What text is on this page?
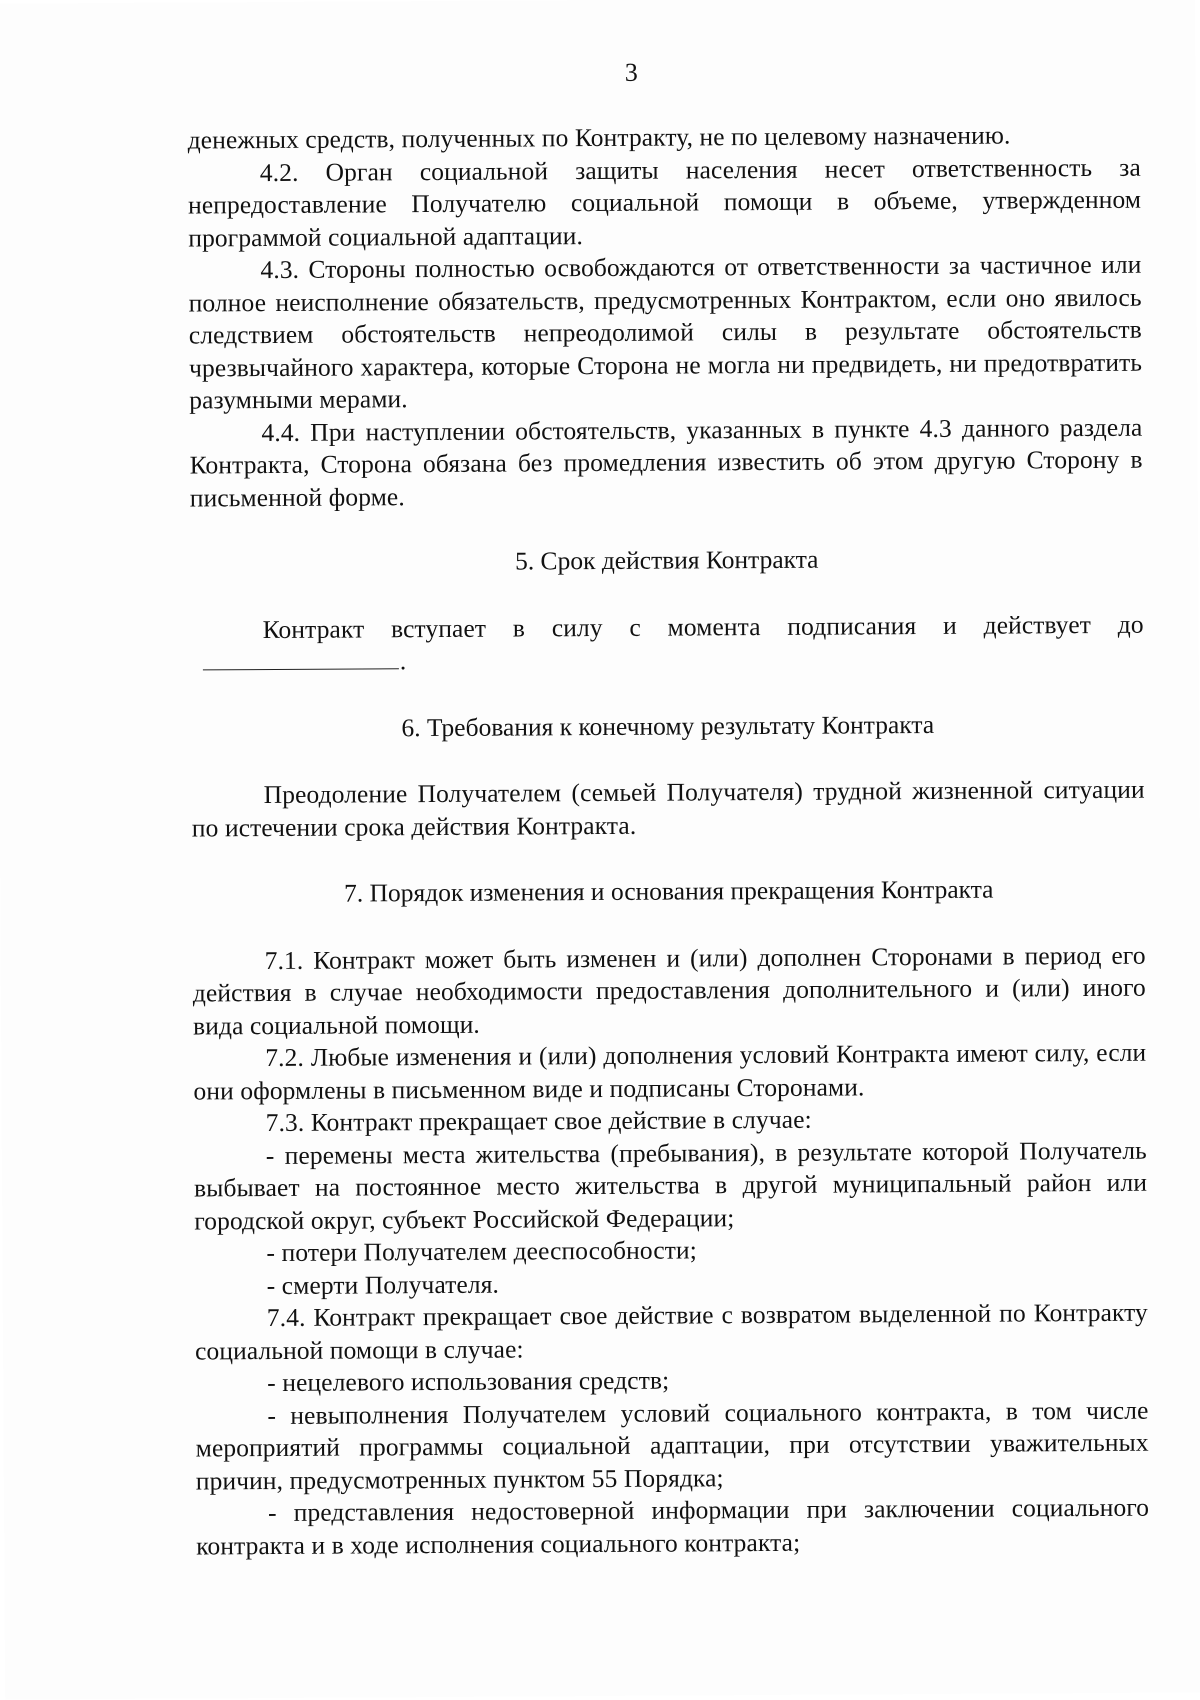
3

денежных средств, полученных по Контракту, не по целевому назначению.

4.2. Орган социальной защиты населения несет ответственность за непредоставление Получателю социальной помощи в объеме, утвержденном программой социальной адаптации.

4.3. Стороны полностью освобождаются от ответственности за частичное или полное неисполнение обязательств, предусмотренных Контрактом, если оно явилось следствием обстоятельств непреодолимой силы в результате обстоятельств чрезвычайного характера, которые Сторона не могла ни предвидеть, ни предотвратить разумными мерами.

4.4. При наступлении обстоятельств, указанных в пункте 4.3 данного раздела Контракта, Сторона обязана без промедления известить об этом другую Сторону в письменной форме.

5. Срок действия Контракта

Контракт вступает в силу с момента подписания и действует до.

6. Требования к конечному результату Контракта

Преодоление Получателем (семьей Получателя) трудной жизненной ситуации по истечении срока действия Контракта.

7. Порядок изменения и основания прекращения Контракта

7.1. Контракт может быть изменен и (или) дополнен Сторонами в период его действия в случае необходимости предоставления дополнительного и (или) иного вида социальной помощи.

7.2. Любые изменения и (или) дополнения условий Контракта имеют силу, если они оформлены в письменном виде и подписаны Сторонами.

7.3. Контракт прекращает свое действие в случае:

- перемены места жительства (пребывания), в результате которой Получатель выбывает на постоянное место жительства в другой муниципальный район или городской округ, субъект Российской Федерации;

- потери Получателем дееспособности;

- смерти Получателя.

7.4. Контракт прекращает свое действие с возвратом выделенной по Контракту социальной помощи в случае:

- нецелевого использования средств;

- невыполнения Получателем условий социального контракта, в том числе мероприятий программы социальной адаптации, при отсутствии уважительных причин, предусмотренных пунктом 55 Порядка;

- представления недостоверной информации при заключении социального контракта и в ходе исполнения социального контракта;
